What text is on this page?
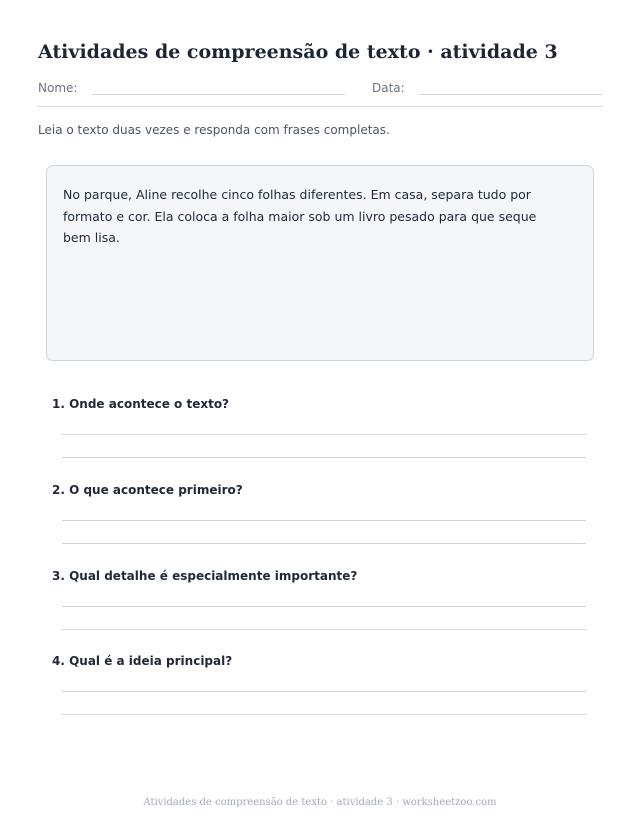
Atividades de compreensão de texto · atividade 3
Nome:	Data:

Leia o texto duas vezes e responda com frases completas.

No parque, Aline recolhe cinco folhas diferentes. Em casa, separa tudo por formato e cor. Ela coloca a folha maior sob um livro pesado para que seque bem lisa.

1. Onde acontece o texto?

2. O que acontece primeiro?

3. Qual detalhe é especialmente importante?

4. Qual é a ideia principal?

Atividades de compreensão de texto · atividade 3 · worksheetzoo.com
